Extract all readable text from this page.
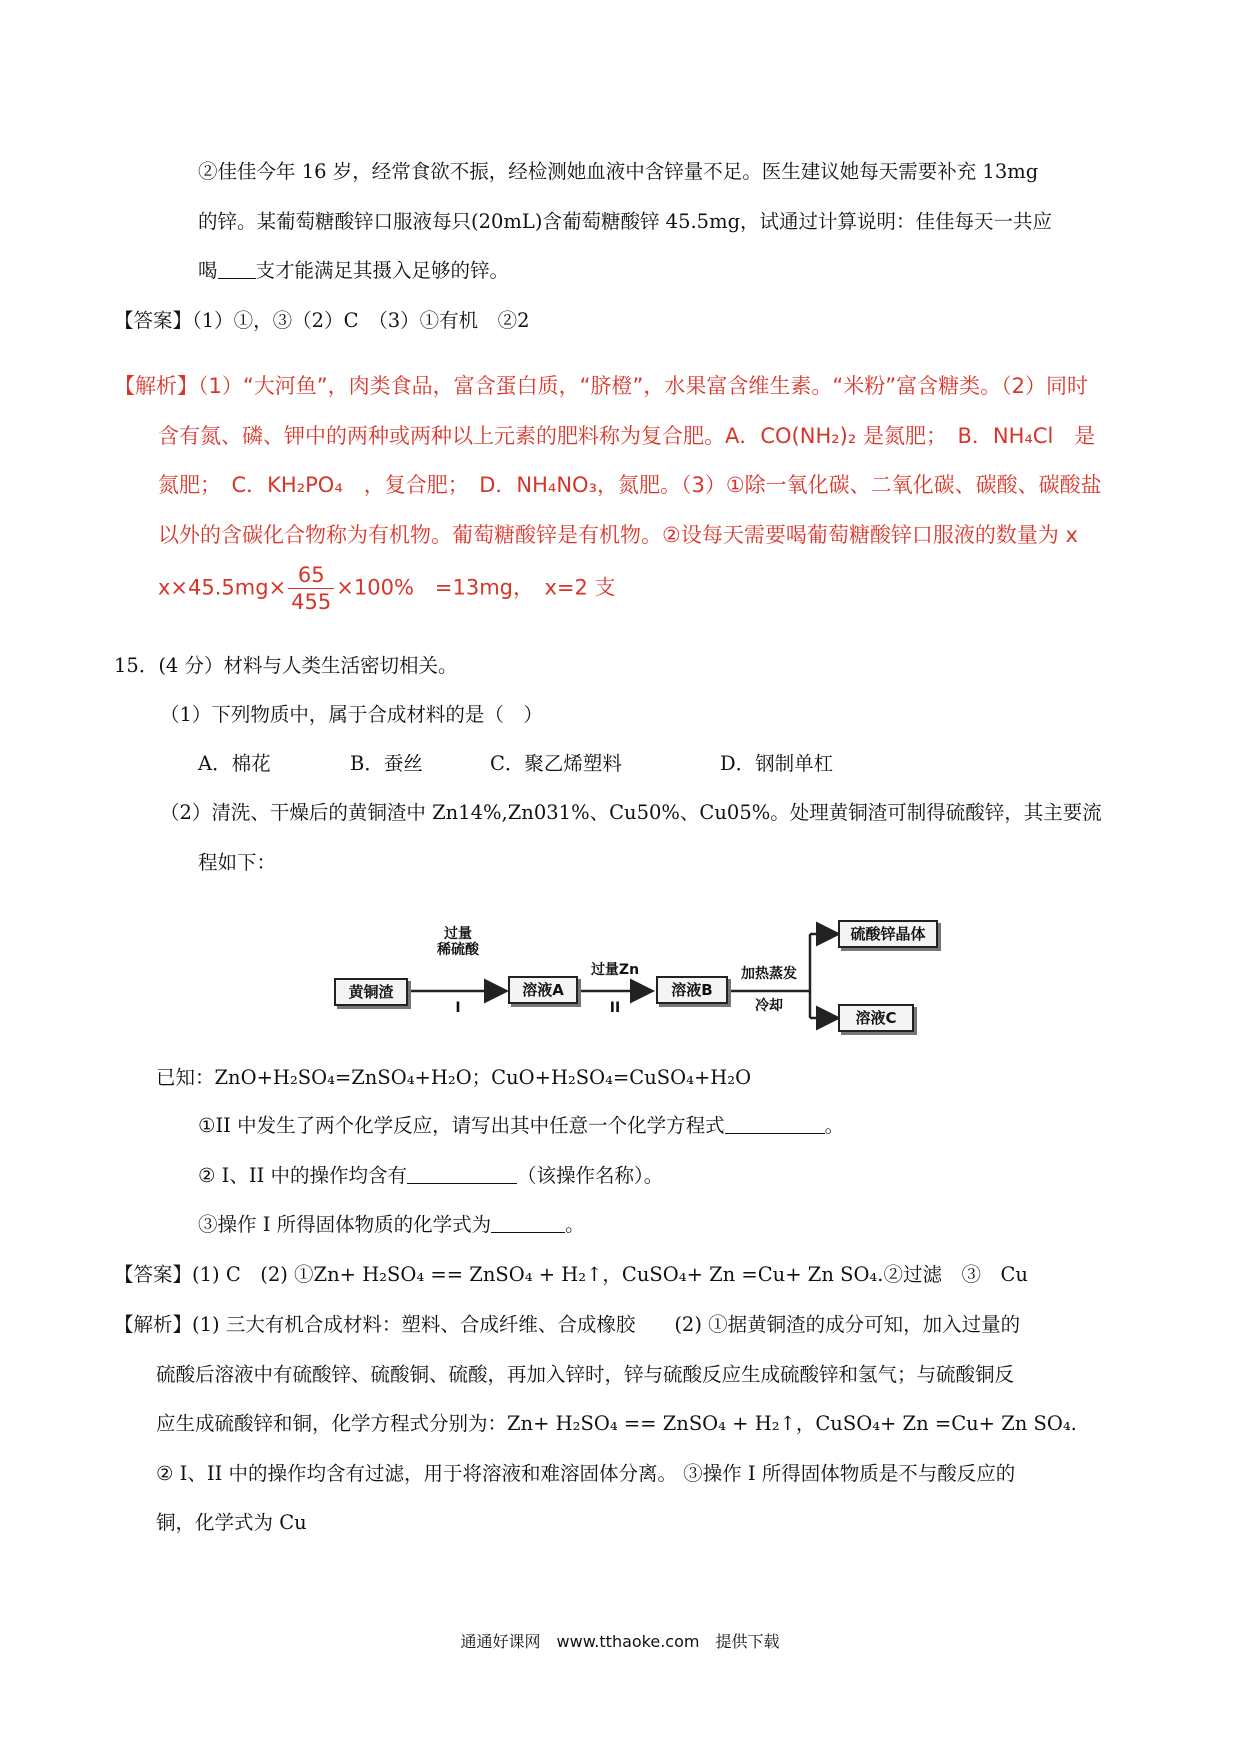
②佳佳今年 16 岁，经常食欲不振，经检测她血液中含锌量不足。医生建议她每天需要补充 13mg
的锌。某葡萄糖酸锌口服液每只(20mL)含葡萄糖酸锌 45.5mg，试通过计算说明：佳佳每天一共应
喝 支才能满足其摄入足够的锌。
【答案】（1）①，③（2）C　（3）①有机　②2
【解析】（1）“大河鱼”，肉类食品，富含蛋白质，“脐橙”，水果富含维生素。“米粉”富含糖类。（2）同时
含有氮、磷、钾中的两种或两种以上元素的肥料称为复合肥。A．CO(NH₂)₂ 是氮肥；　B．NH₄Cl　是
氮肥；　C．KH₂PO₄　，复合肥；　D．NH₄NO₃，氮肥。（3）①除一氧化碳、二氧化碳、碳酸、碳酸盐
以外的含碳化合物称为有机物。葡萄糖酸锌是有机物。②设每天需要喝葡萄糖酸锌口服液的数量为 x
$x\times 45.5mg\times \frac{65}{455} \times 100\%$　=13mg，　x=2 支
15．(4 分）材料与人类生活密切相关。
（1）下列物质中，属于合成材料的是（　）
A．棉花	B．蚕丝	C．聚乙烯塑料	D．钢制单杠
（2）清洗、干燥后的黄铜渣中 Zn14%,Zn031%、Cu50%、Cu05%。处理黄铜渣可制得硫酸锌，其主要流
程如下：
黄铜渣
过量
稀硫酸
I
溶液A
过量Zn
II
溶液B
加热蒸发
冷却
硫酸锌晶体
溶液C
已知：ZnO+H₂SO₄=ZnSO₄+H₂O；CuO+H₂SO₄=CuSO₄+H₂O
①II 中发生了两个化学反应，请写出其中任意一个化学方程式	。
② I、II 中的操作均含有	（该操作名称）。
③操作 I 所得固体物质的化学式为	。
【答案】(1) C　(2) ①Zn+ H₂SO₄ == ZnSO₄ + H₂↑，CuSO₄+ Zn =Cu+ Zn SO₄.②过滤　③　Cu
【解析】(1) 三大有机合成材料：塑料、合成纤维、合成橡胶　　(2) ①据黄铜渣的成分可知，加入过量的
硫酸后溶液中有硫酸锌、硫酸铜、硫酸，再加入锌时，锌与硫酸反应生成硫酸锌和氢气；与硫酸铜反
应生成硫酸锌和铜，化学方程式分别为：Zn+ H₂SO₄ == ZnSO₄ + H₂↑，CuSO₄+ Zn =Cu+ Zn SO₄.
② I、II 中的操作均含有过滤，用于将溶液和难溶固体分离。 ③操作 I 所得固体物质是不与酸反应的
铜，化学式为 Cu
通通好课网　www.tthaoke.com　提供下载
